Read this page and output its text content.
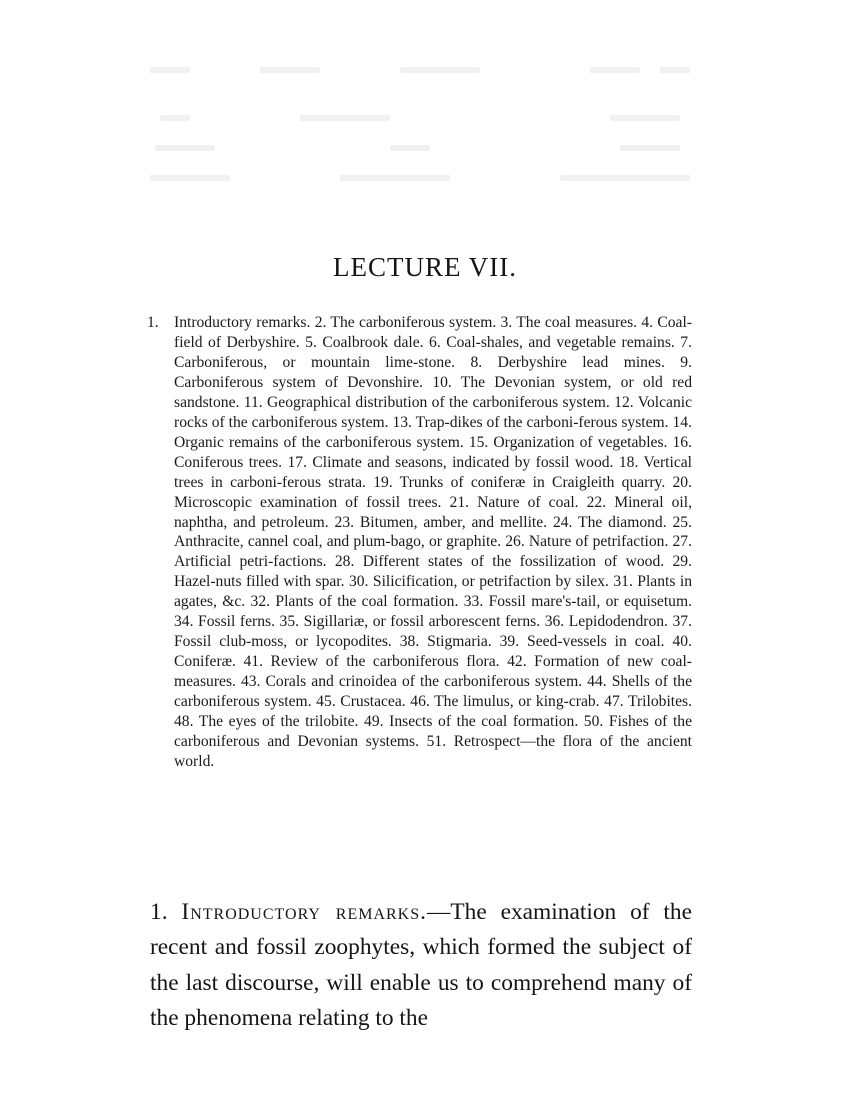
LECTURE VII.
1. Introductory remarks. 2. The carboniferous system. 3. The coal measures. 4. Coal-field of Derbyshire. 5. Coalbrook dale. 6. Coal-shales, and vegetable remains. 7. Carboniferous, or mountain lime-stone. 8. Derbyshire lead mines. 9. Carboniferous system of Devonshire. 10. The Devonian system, or old red sandstone. 11. Geographical distribution of the carboniferous system. 12. Volcanic rocks of the carboniferous system. 13. Trap-dikes of the carboni-ferous system. 14. Organic remains of the carboniferous system. 15. Organization of vegetables. 16. Coniferous trees. 17. Climate and seasons, indicated by fossil wood. 18. Vertical trees in carboni-ferous strata. 19. Trunks of coniferæ in Craigleith quarry. 20. Microscopic examination of fossil trees. 21. Nature of coal. 22. Mineral oil, naphtha, and petroleum. 23. Bitumen, amber, and mellite. 24. The diamond. 25. Anthracite, cannel coal, and plum-bago, or graphite. 26. Nature of petrifaction. 27. Artificial petri-factions. 28. Different states of the fossilization of wood. 29. Hazel-nuts filled with spar. 30. Silicification, or petrifaction by silex. 31. Plants in agates, &c. 32. Plants of the coal formation. 33. Fossil mare's-tail, or equisetum. 34. Fossil ferns. 35. Sigillariæ, or fossil arborescent ferns. 36. Lepidodendron. 37. Fossil club-moss, or lycopodites. 38. Stigmaria. 39. Seed-vessels in coal. 40. Coniferæ. 41. Review of the carboniferous flora. 42. Formation of new coal-measures. 43. Corals and crinoidea of the carboniferous system. 44. Shells of the carboniferous system. 45. Crustacea. 46. The limulus, or king-crab. 47. Trilobites. 48. The eyes of the trilobite. 49. Insects of the coal formation. 50. Fishes of the carboniferous and Devonian systems. 51. Retrospect—the flora of the ancient world.
1. Introductory remarks.—The examination of the recent and fossil zoophytes, which formed the subject of the last discourse, will enable us to comprehend many of the phenomena relating to the
